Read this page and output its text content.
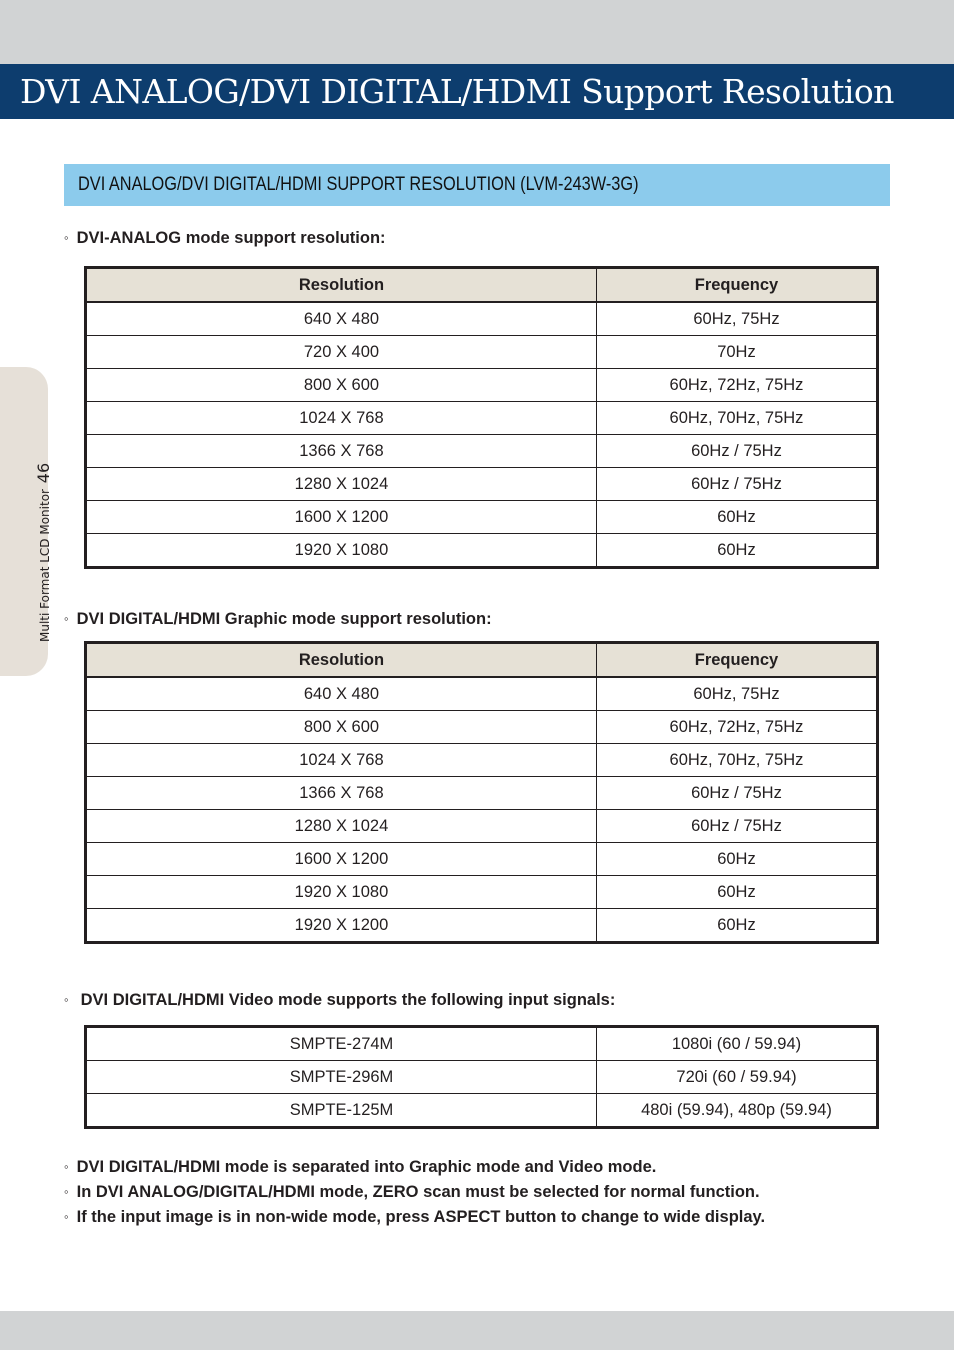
DVI ANALOG/DVI DIGITAL/HDMI Support Resolution
Multi Format LCD Monitor 46
DVI ANALOG/DVI DIGITAL/HDMI SUPPORT RESOLUTION (LVM-243W-3G)
◦ DVI-ANALOG mode support resolution:
Resolution	Frequency
640 X 480	60Hz, 75Hz
720 X 400	70Hz
800 X 600	60Hz, 72Hz, 75Hz
1024 X 768	60Hz, 70Hz, 75Hz
1366 X 768	60Hz / 75Hz
1280 X 1024	60Hz / 75Hz
1600 X 1200	60Hz
1920 X 1080	60Hz
◦ DVI DIGITAL/HDMI Graphic mode support resolution:
Resolution	Frequency
640 X 480	60Hz, 75Hz
800 X 600	60Hz, 72Hz, 75Hz
1024 X 768	60Hz, 70Hz, 75Hz
1366 X 768	60Hz / 75Hz
1280 X 1024	60Hz / 75Hz
1600 X 1200	60Hz
1920 X 1080	60Hz
1920 X 1200	60Hz
◦ DVI DIGITAL/HDMI Video mode supports the following input signals:
SMPTE-274M	1080i (60 / 59.94)
SMPTE-296M	720i (60 / 59.94)
SMPTE-125M	480i (59.94), 480p (59.94)
◦ DVI DIGITAL/HDMI mode is separated into Graphic mode and Video mode.
◦ In DVI ANALOG/DIGITAL/HDMI mode, ZERO scan must be selected for normal function.
◦ If the input image is in non-wide mode, press ASPECT button to change to wide display.
